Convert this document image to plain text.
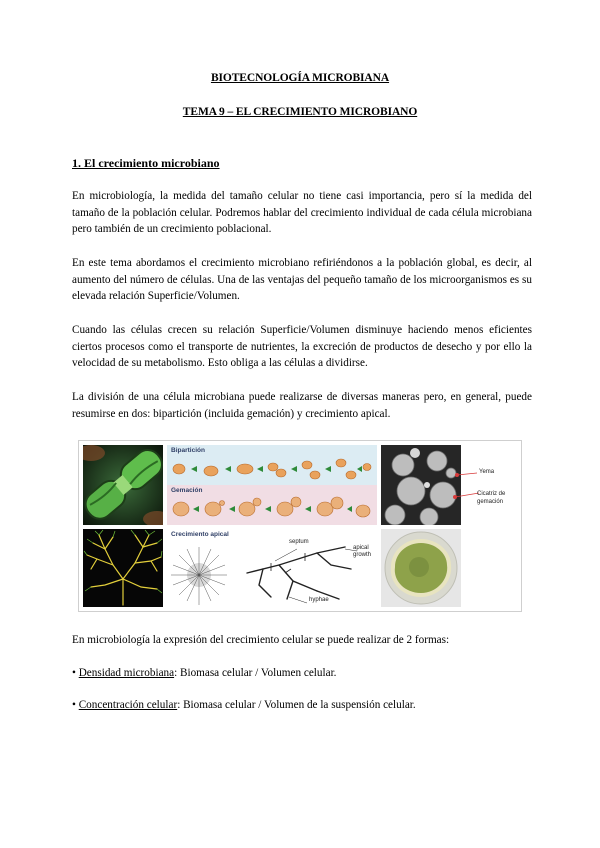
BIOTECNOLOGÍA MICROBIANA
TEMA 9 – EL CRECIMIENTO MICROBIANO
1. El crecimiento microbiano
En microbiología, la medida del tamaño celular no tiene casi importancia, pero sí la medida del tamaño de la población celular. Podremos hablar del crecimiento individual de cada célula microbiana pero también de un crecimiento poblacional.
En este tema abordamos el crecimiento microbiano refiriéndonos a la población global, es decir, al aumento del número de células. Una de las ventajas del pequeño tamaño de los microorganismos es su elevada relación Superficie/Volumen.
Cuando las células crecen su relación Superficie/Volumen disminuye haciendo menos eficientes ciertos procesos como el transporte de nutrientes, la excreción de productos de desecho y por ello la velocidad de su metabolismo. Esto obliga a las células a dividirse.
La división de una célula microbiana puede realizarse de diversas maneras pero, en general, puede resumirse en dos: bipartición (incluida gemación) y crecimiento apical.
Bipartición
Gemación
Yema
Cicatriz de
gemación
Crecimiento apical
septum
apical
growth
hyphae
En microbiología la expresión del crecimiento celular se puede realizar de 2 formas:
• Densidad microbiana: Biomasa celular / Volumen celular.
• Concentración celular: Biomasa celular / Volumen de la suspensión celular.
